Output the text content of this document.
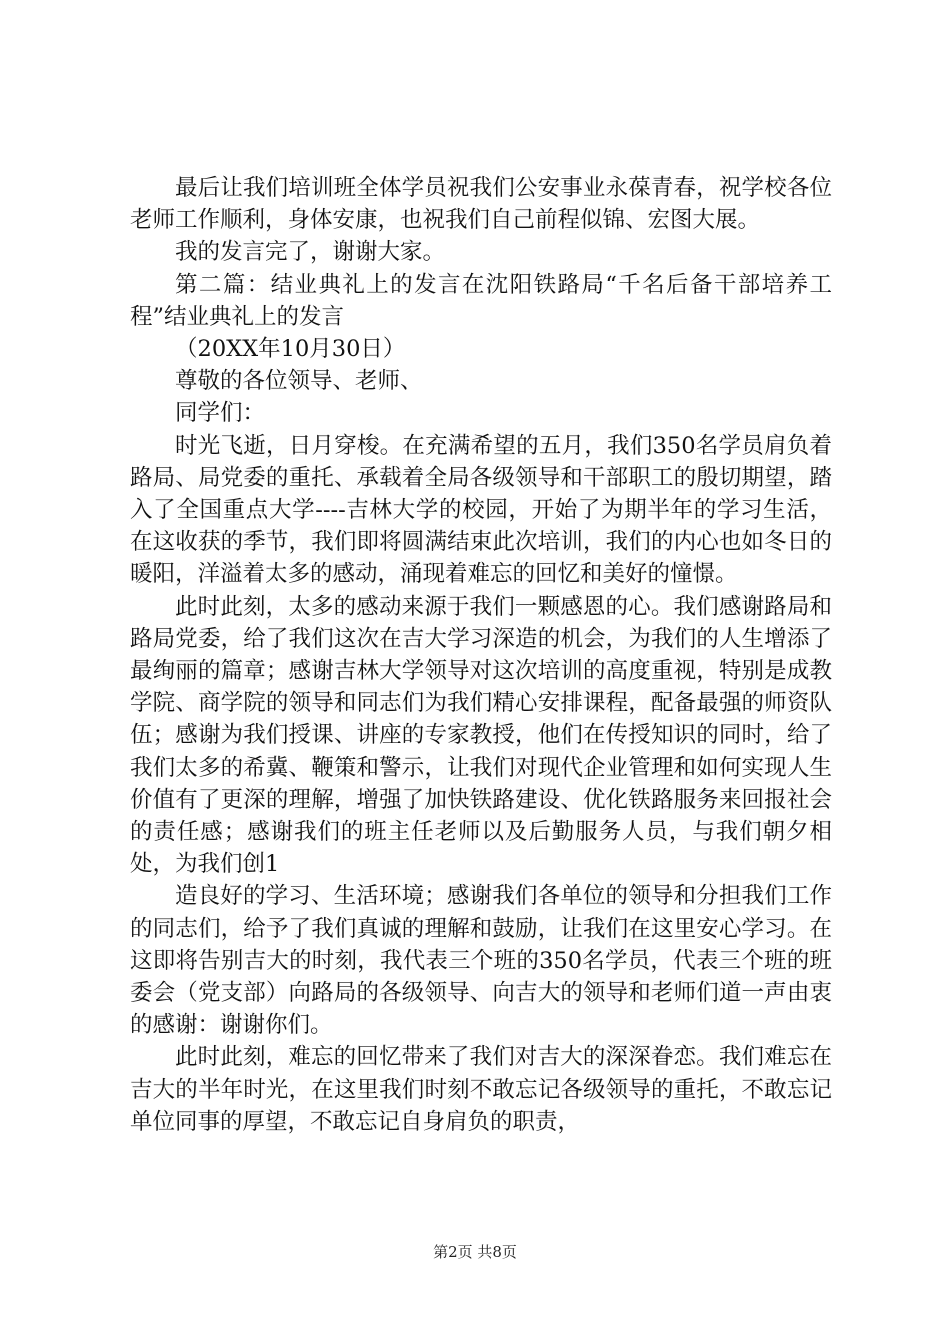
最后让我们培训班全体学员祝我们公安事业永葆青春，祝学校各位老师工作顺利，身体安康，也祝我们自己前程似锦、宏图大展。

我的发言完了，谢谢大家。

第二篇：结业典礼上的发言在沈阳铁路局“千名后备干部培养工程”结业典礼上的发言

（20XX年10月30日）

尊敬的各位领导、老师、

同学们：

时光飞逝，日月穿梭。在充满希望的五月，我们350名学员肩负着路局、局党委的重托、承载着全局各级领导和干部职工的殷切期望，踏入了全国重点大学----吉林大学的校园，开始了为期半年的学习生活，在这收获的季节，我们即将圆满结束此次培训，我们的内心也如冬日的暖阳，洋溢着太多的感动，涌现着难忘的回忆和美好的憧憬。

此时此刻，太多的感动来源于我们一颗感恩的心。我们感谢路局和路局党委，给了我们这次在吉大学习深造的机会，为我们的人生增添了最绚丽的篇章；感谢吉林大学领导对这次培训的高度重视，特别是成教学院、商学院的领导和同志们为我们精心安排课程，配备最强的师资队伍；感谢为我们授课、讲座的专家教授，他们在传授知识的同时，给了我们太多的希冀、鞭策和警示，让我们对现代企业管理和如何实现人生价值有了更深的理解，增强了加快铁路建设、优化铁路服务来回报社会的责任感；感谢我们的班主任老师以及后勤服务人员，与我们朝夕相处，为我们创1

造良好的学习、生活环境；感谢我们各单位的领导和分担我们工作的同志们，给予了我们真诚的理解和鼓励，让我们在这里安心学习。在这即将告别吉大的时刻，我代表三个班的350名学员，代表三个班的班委会（党支部）向路局的各级领导、向吉大的领导和老师们道一声由衷的感谢：谢谢你们。

此时此刻，难忘的回忆带来了我们对吉大的深深眷恋。我们难忘在吉大的半年时光，在这里我们时刻不敢忘记各级领导的重托，不敢忘记单位同事的厚望，不敢忘记自身肩负的职责，

第2页 共8页
